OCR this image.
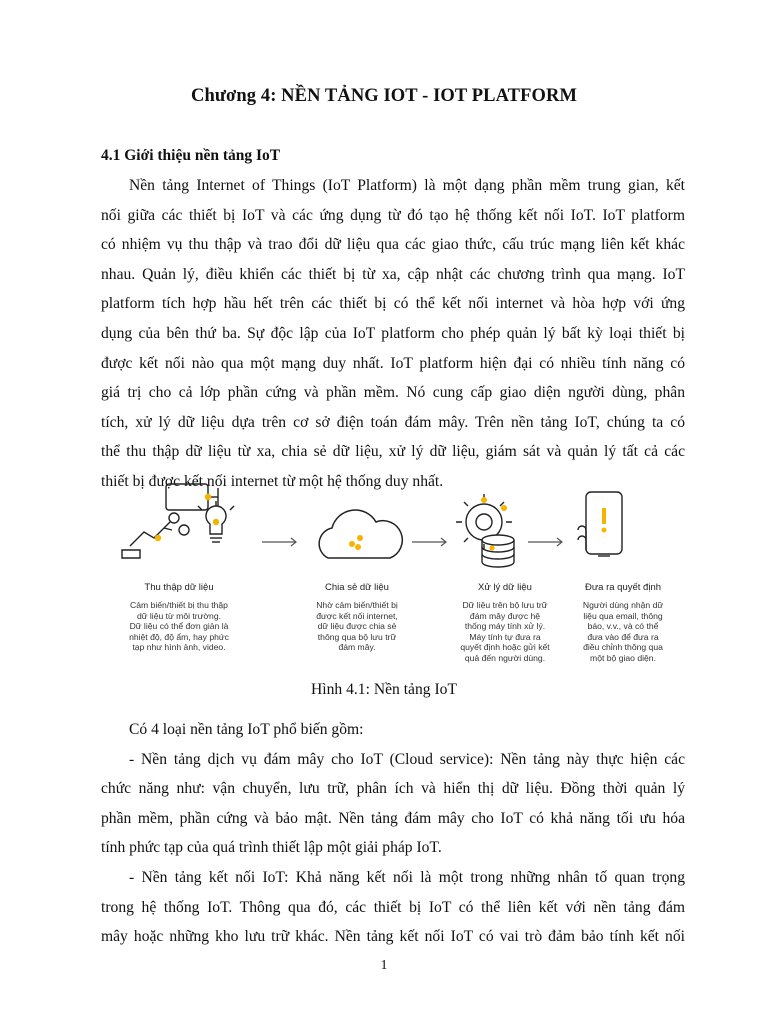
Chương 4: NỀN TẢNG IOT - IOT PLATFORM
4.1 Giới thiệu nền tảng IoT

Nền tảng Internet of Things (IoT Platform) là một dạng phần mềm trung gian, kết
nối giữa các thiết bị IoT và các ứng dụng từ đó tạo hệ thống kết nối IoT. IoT platform
có nhiệm vụ thu thập và trao đổi dữ liệu qua các giao thức, cấu trúc mạng liên kết khác
nhau. Quản lý, điều khiển các thiết bị từ xa, cập nhật các chương trình qua mạng. IoT
platform tích hợp hầu hết trên các thiết bị có thể kết nối internet và hòa hợp với ứng
dụng của bên thứ ba. Sự độc lập của IoT platform cho phép quản lý bất kỳ loại thiết bị
được kết nối nào qua một mạng duy nhất. IoT platform hiện đại có nhiều tính năng có
giá trị cho cả lớp phần cứng và phần mềm. Nó cung cấp giao diện người dùng, phân
tích, xử lý dữ liệu dựa trên cơ sở điện toán đám mây. Trên nền tảng IoT, chúng ta có
thể thu thập dữ liệu từ xa, chia sẻ dữ liệu, xử lý dữ liệu, giám sát và quản lý tất cả các
thiết bị được kết nối internet từ một hệ thống duy nhất.

Thu thập dữ liệu	Chia sẻ dữ liệu	Xử lý dữ liệu	Đưa ra quyết định
Cảm biến/thiết bị thu thập
dữ liệu từ môi trường.
Dữ liệu có thể đơn giản là
nhiệt độ, độ ẩm, hay phức
tạp như hình ảnh, video.
Nhờ cảm biến/thiết bị
được kết nối internet,
dữ liệu được chia sẻ
thông qua bộ lưu trữ
đám mây.
Dữ liệu trên bộ lưu trữ
đám mây được hệ
thống máy tính xử lý.
Máy tính tự đưa ra
quyết định hoặc gửi kết
quả đến người dùng.
Người dùng nhận dữ
liệu qua email, thông
báo, v.v., và có thể
đưa vào để đưa ra
điều chỉnh thông qua
một bộ giao diện.
Hình 4.1: Nền tảng IoT

Có 4 loại nền tảng IoT phổ biến gồm:
- Nền tảng dịch vụ đám mây cho IoT (Cloud service): Nền tảng này thực hiện các
chức năng như: vận chuyển, lưu trữ, phân ích và hiển thị dữ liệu. Đồng thời quản lý
phần mềm, phần cứng và bảo mật. Nền tảng đám mây cho IoT có khả năng tối ưu hóa
tính phức tạp của quá trình thiết lập một giải pháp IoT.
- Nền tảng kết nối IoT: Khả năng kết nối là một trong những nhân tố quan trọng
trong hệ thống IoT. Thông qua đó, các thiết bị IoT có thể liên kết với nền tảng đám
mây hoặc những kho lưu trữ khác. Nền tảng kết nối IoT có vai trò đảm bảo tính kết nối

1
